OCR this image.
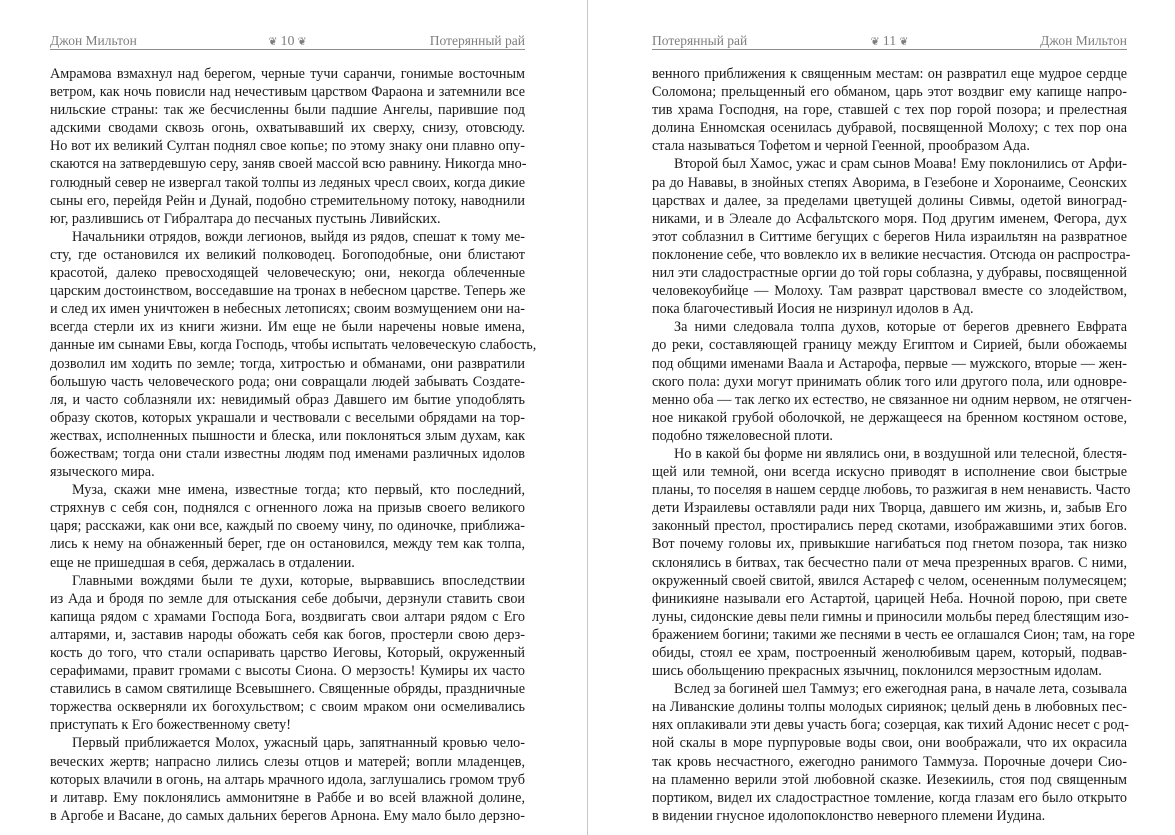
Джон Мильтон	❦ 10 ❦	Потерянный рай
Амрамова взмахнул над берегом, черные тучи саранчи, гонимые восточным
ветром, как ночь повисли над нечестивым царством Фараона и затемнили все
нильские страны: так же бесчисленны были падшие Ангелы, парившие под
адскими сводами сквозь огонь, охватывавший их сверху, снизу, отовсюду.
Но вот их великий Султан поднял свое копье; по этому знаку они плавно опу-
скаются на затвердевшую серу, заняв своей массой всю равнину. Никогда мно-
голюдный север не извергал такой толпы из ледяных чресл своих, когда дикие
сыны его, перейдя Рейн и Дунай, подобно стремительному потоку, наводнили
юг, разлившись от Гибралтара до песчаных пустынь Ливийских.
Начальники отрядов, вожди легионов, выйдя из рядов, спешат к тому ме-
сту, где остановился их великий полководец. Богоподобные, они блистают
красотой, далеко превосходящей человеческую; они, некогда облеченные
царским достоинством, восседавшие на тронах в небесном царстве. Теперь же
и след их имен уничтожен в небесных летописях; своим возмущением они на-
всегда стерли их из книги жизни. Им еще не были наречены новые имена,
данные им сынами Евы, когда Господь, чтобы испытать человеческую слабость,
дозволил им ходить по земле; тогда, хитростью и обманами, они развратили
большую часть человеческого рода; они совращали людей забывать Создате-
ля, и часто соблазняли их: невидимый образ Давшего им бытие уподоблять
образу скотов, которых украшали и чествовали с веселыми обрядами на тор-
жествах, исполненных пышности и блеска, или поклоняться злым духам, как
божествам; тогда они стали известны людям под именами различных идолов
языческого мира.
Муза, скажи мне имена, известные тогда; кто первый, кто последний,
стряхнув с себя сон, поднялся с огненного ложа на призыв своего великого
царя; расскажи, как они все, каждый по своему чину, по одиночке, приближа-
лись к нему на обнаженный берег, где он остановился, между тем как толпа,
еще не пришедшая в себя, держалась в отдалении.
Главными вождями были те духи, которые, вырвавшись впоследствии
из Ада и бродя по земле для отыскания себе добычи, дерзнули ставить свои
капища рядом с храмами Господа Бога, воздвигать свои алтари рядом с Его
алтарями, и, заставив народы обожать себя как богов, простерли свою дерз-
кость до того, что стали оспаривать царство Иеговы, Который, окруженный
серафимами, правит громами с высоты Сиона. О мерзость! Кумиры их часто
ставились в самом святилище Всевышнего. Священные обряды, праздничные
торжества оскверняли их богохульством; с своим мраком они осмеливались
приступать к Его божественному свету!
Первый приближается Молох, ужасный царь, запятнанный кровью чело-
веческих жертв; напрасно лились слезы отцов и матерей; вопли младенцев,
которых влачили в огонь, на алтарь мрачного идола, заглушались громом труб
и литавр. Ему поклонялись аммонитяне в Раббе и во всей влажной долине,
в Аргобе и Васане, до самых дальних берегов Арнона. Ему мало было дерзно-
Потерянный рай	❦ 11 ❦	Джон Мильтон
венного приближения к священным местам: он развратил еще мудрое сердце
Соломона; прельщенный его обманом, царь этот воздвиг ему капище напро-
тив храма Господня, на горе, ставшей с тех пор горой позора; и прелестная
долина Енномская осенилась дубравой, посвященной Молоху; с тех пор она
стала называться Тофетом и черной Геенной, прообразом Ада.
Второй был Хамос, ужас и срам сынов Моава! Ему поклонились от Арфи-
ра до Нававы, в знойных степях Аворима, в Гезебоне и Хоронаиме, Сеонских
царствах и далее, за пределами цветущей долины Сивмы, одетой виноград-
никами, и в Элеале до Асфальтского моря. Под другим именем, Фегора, дух
этот соблазнил в Ситтиме бегущих с берегов Нила израильтян на развратное
поклонение себе, что вовлекло их в великие несчастия. Отсюда он распростра-
нил эти сладострастные оргии до той горы соблазна, у дубравы, посвященной
человекоубийце — Молоху. Там разврат царствовал вместе со злодейством,
пока благочестивый Иосия не низринул идолов в Ад.
За ними следовала толпа духов, которые от берегов древнего Евфрата
до реки, составляющей границу между Египтом и Сирией, были обожаемы
под общими именами Ваала и Астарофа, первые — мужского, вторые — жен-
ского пола: духи могут принимать облик того или другого пола, или одновре-
менно оба — так легко их естество, не связанное ни одним нервом, не отягчен-
ное никакой грубой оболочкой, не держащееся на бренном костяном остове,
подобно тяжеловесной плоти.
Но в какой бы форме ни являлись они, в воздушной или телесной, блестя-
щей или темной, они всегда искусно приводят в исполнение свои быстрые
планы, то поселяя в нашем сердце любовь, то разжигая в нем ненависть. Часто
дети Израилевы оставляли ради них Творца, давшего им жизнь, и, забыв Его
законный престол, простирались перед скотами, изображавшими этих богов.
Вот почему головы их, привыкшие нагибаться под гнетом позора, так низко
склонялись в битвах, так бесчестно пали от меча презренных врагов. С ними,
окруженный своей свитой, явился Астареф с челом, осененным полумесяцем;
финикияне называли его Астартой, царицей Неба. Ночной порою, при свете
луны, сидонские девы пели гимны и приносили мольбы перед блестящим изо-
бражением богини; такими же песнями в честь ее оглашался Сион; там, на горе
обиды, стоял ее храм, построенный женолюбивым царем, который, подвав-
шись обольщению прекрасных язычниц, поклонился мерзостным идолам.
Вслед за богиней шел Таммуз; его ежегодная рана, в начале лета, созывала
на Ливанские долины толпы молодых сириянок; целый день в любовных пес-
нях оплакивали эти девы участь бога; созерцая, как тихий Адонис несет с род-
ной скалы в море пурпуровые воды свои, они воображали, что их окрасила
так кровь несчастного, ежегодно ранимого Таммуза. Порочные дочери Сио-
на пламенно верили этой любовной сказке. Иезекииль, стоя под священным
портиком, видел их сладострастное томление, когда глазам его было открыто
в видении гнусное идолопоклонство неверного племени Иудина.
